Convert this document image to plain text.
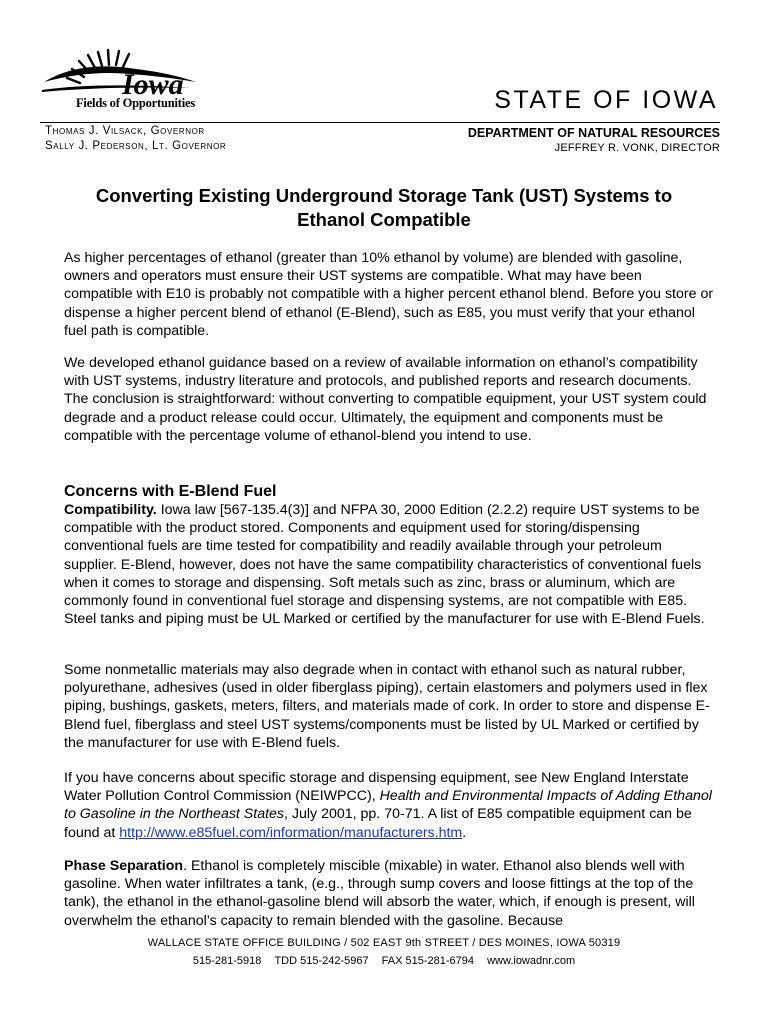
Iowa
Fields of Opportunities	STATE OF IOWA
Thomas J. Vilsack, Governor
Sally J. Pederson, Lt. Governor
DEPARTMENT OF NATURAL RESOURCES
JEFFREY R. VONK, DIRECTOR
Converting Existing Underground Storage Tank (UST) Systems to
Ethanol Compatible

As higher percentages of ethanol (greater than 10% ethanol by volume) are blended with gasoline, owners and operators must ensure their UST systems are compatible. What may have been compatible with E10 is probably not compatible with a higher percent ethanol blend. Before you store or dispense a higher percent blend of ethanol (E-Blend), such as E85, you must verify that your ethanol fuel path is compatible.

We developed ethanol guidance based on a review of available information on ethanol’s compatibility with UST systems, industry literature and protocols, and published reports and research documents. The conclusion is straightforward: without converting to compatible equipment, your UST system could degrade and a product release could occur. Ultimately, the equipment and components must be compatible with the percentage volume of ethanol-blend you intend to use.

Concerns with E-Blend Fuel

Compatibility. Iowa law [567-135.4(3)] and NFPA 30, 2000 Edition (2.2.2) require UST systems to be compatible with the product stored. Components and equipment used for storing/dispensing conventional fuels are time tested for compatibility and readily available through your petroleum supplier. E-Blend, however, does not have the same compatibility characteristics of conventional fuels when it comes to storage and dispensing. Soft metals such as zinc, brass or aluminum, which are commonly found in conventional fuel storage and dispensing systems, are not compatible with E85. Steel tanks and piping must be UL Marked or certified by the manufacturer for use with E-Blend Fuels.

Some nonmetallic materials may also degrade when in contact with ethanol such as natural rubber, polyurethane, adhesives (used in older fiberglass piping), certain elastomers and polymers used in flex piping, bushings, gaskets, meters, filters, and materials made of cork. In order to store and dispense E-Blend fuel, fiberglass and steel UST systems/components must be listed by UL Marked or certified by the manufacturer for use with E-Blend fuels.

If you have concerns about specific storage and dispensing equipment, see New England Interstate Water Pollution Control Commission (NEIWPCC), Health and Environmental Impacts of Adding Ethanol to Gasoline in the Northeast States, July 2001, pp. 70-71. A list of E85 compatible equipment can be found at http://www.e85fuel.com/information/manufacturers.htm.

Phase Separation. Ethanol is completely miscible (mixable) in water. Ethanol also blends well with gasoline. When water infiltrates a tank, (e.g., through sump covers and loose fittings at the top of the tank), the ethanol in the ethanol-gasoline blend will absorb the water, which, if enough is present, will overwhelm the ethanol’s capacity to remain blended with the gasoline. Because

WALLACE STATE OFFICE BUILDING / 502 EAST 9th STREET / DES MOINES, IOWA 50319
515-281-5918 TDD 515-242-5967 FAX 515-281-6794 www.iowadnr.com
